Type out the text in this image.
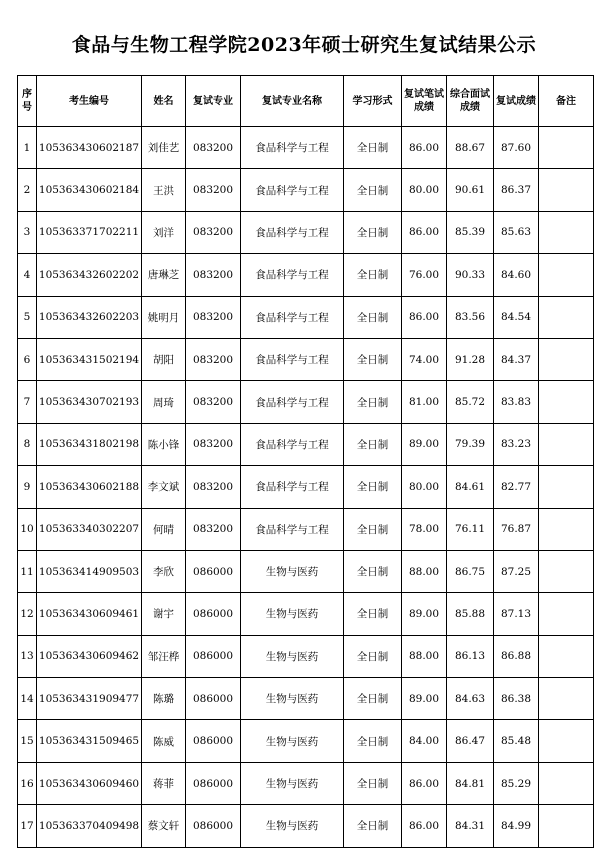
食品与生物工程学院2023年硕士研究生复试结果公示
序号	考生编号	姓名	复试专业	复试专业名称	学习形式	复试笔试成绩	综合面试成绩	复试成绩	备注
1	105363430602187	刘佳艺	083200	食品科学与工程	全日制	86.00	88.67	87.60	
2	105363430602184	王洪	083200	食品科学与工程	全日制	80.00	90.61	86.37	
3	105363371702211	刘洋	083200	食品科学与工程	全日制	86.00	85.39	85.63	
4	105363432602202	唐琳芝	083200	食品科学与工程	全日制	76.00	90.33	84.60	
5	105363432602203	姚明月	083200	食品科学与工程	全日制	86.00	83.56	84.54	
6	105363431502194	胡阳	083200	食品科学与工程	全日制	74.00	91.28	84.37	
7	105363430702193	周琦	083200	食品科学与工程	全日制	81.00	85.72	83.83	
8	105363431802198	陈小锋	083200	食品科学与工程	全日制	89.00	79.39	83.23	
9	105363430602188	李文斌	083200	食品科学与工程	全日制	80.00	84.61	82.77	
10	105363340302207	何晴	083200	食品科学与工程	全日制	78.00	76.11	76.87	
11	105363414909503	李欣	086000	生物与医药	全日制	88.00	86.75	87.25	
12	105363430609461	谢宇	086000	生物与医药	全日制	89.00	85.88	87.13	
13	105363430609462	邹汪桦	086000	生物与医药	全日制	88.00	86.13	86.88	
14	105363431909477	陈璐	086000	生物与医药	全日制	89.00	84.63	86.38	
15	105363431509465	陈威	086000	生物与医药	全日制	84.00	86.47	85.48	
16	105363430609460	蒋菲	086000	生物与医药	全日制	86.00	84.81	85.29	
17	105363370409498	蔡文轩	086000	生物与医药	全日制	86.00	84.31	84.99	
